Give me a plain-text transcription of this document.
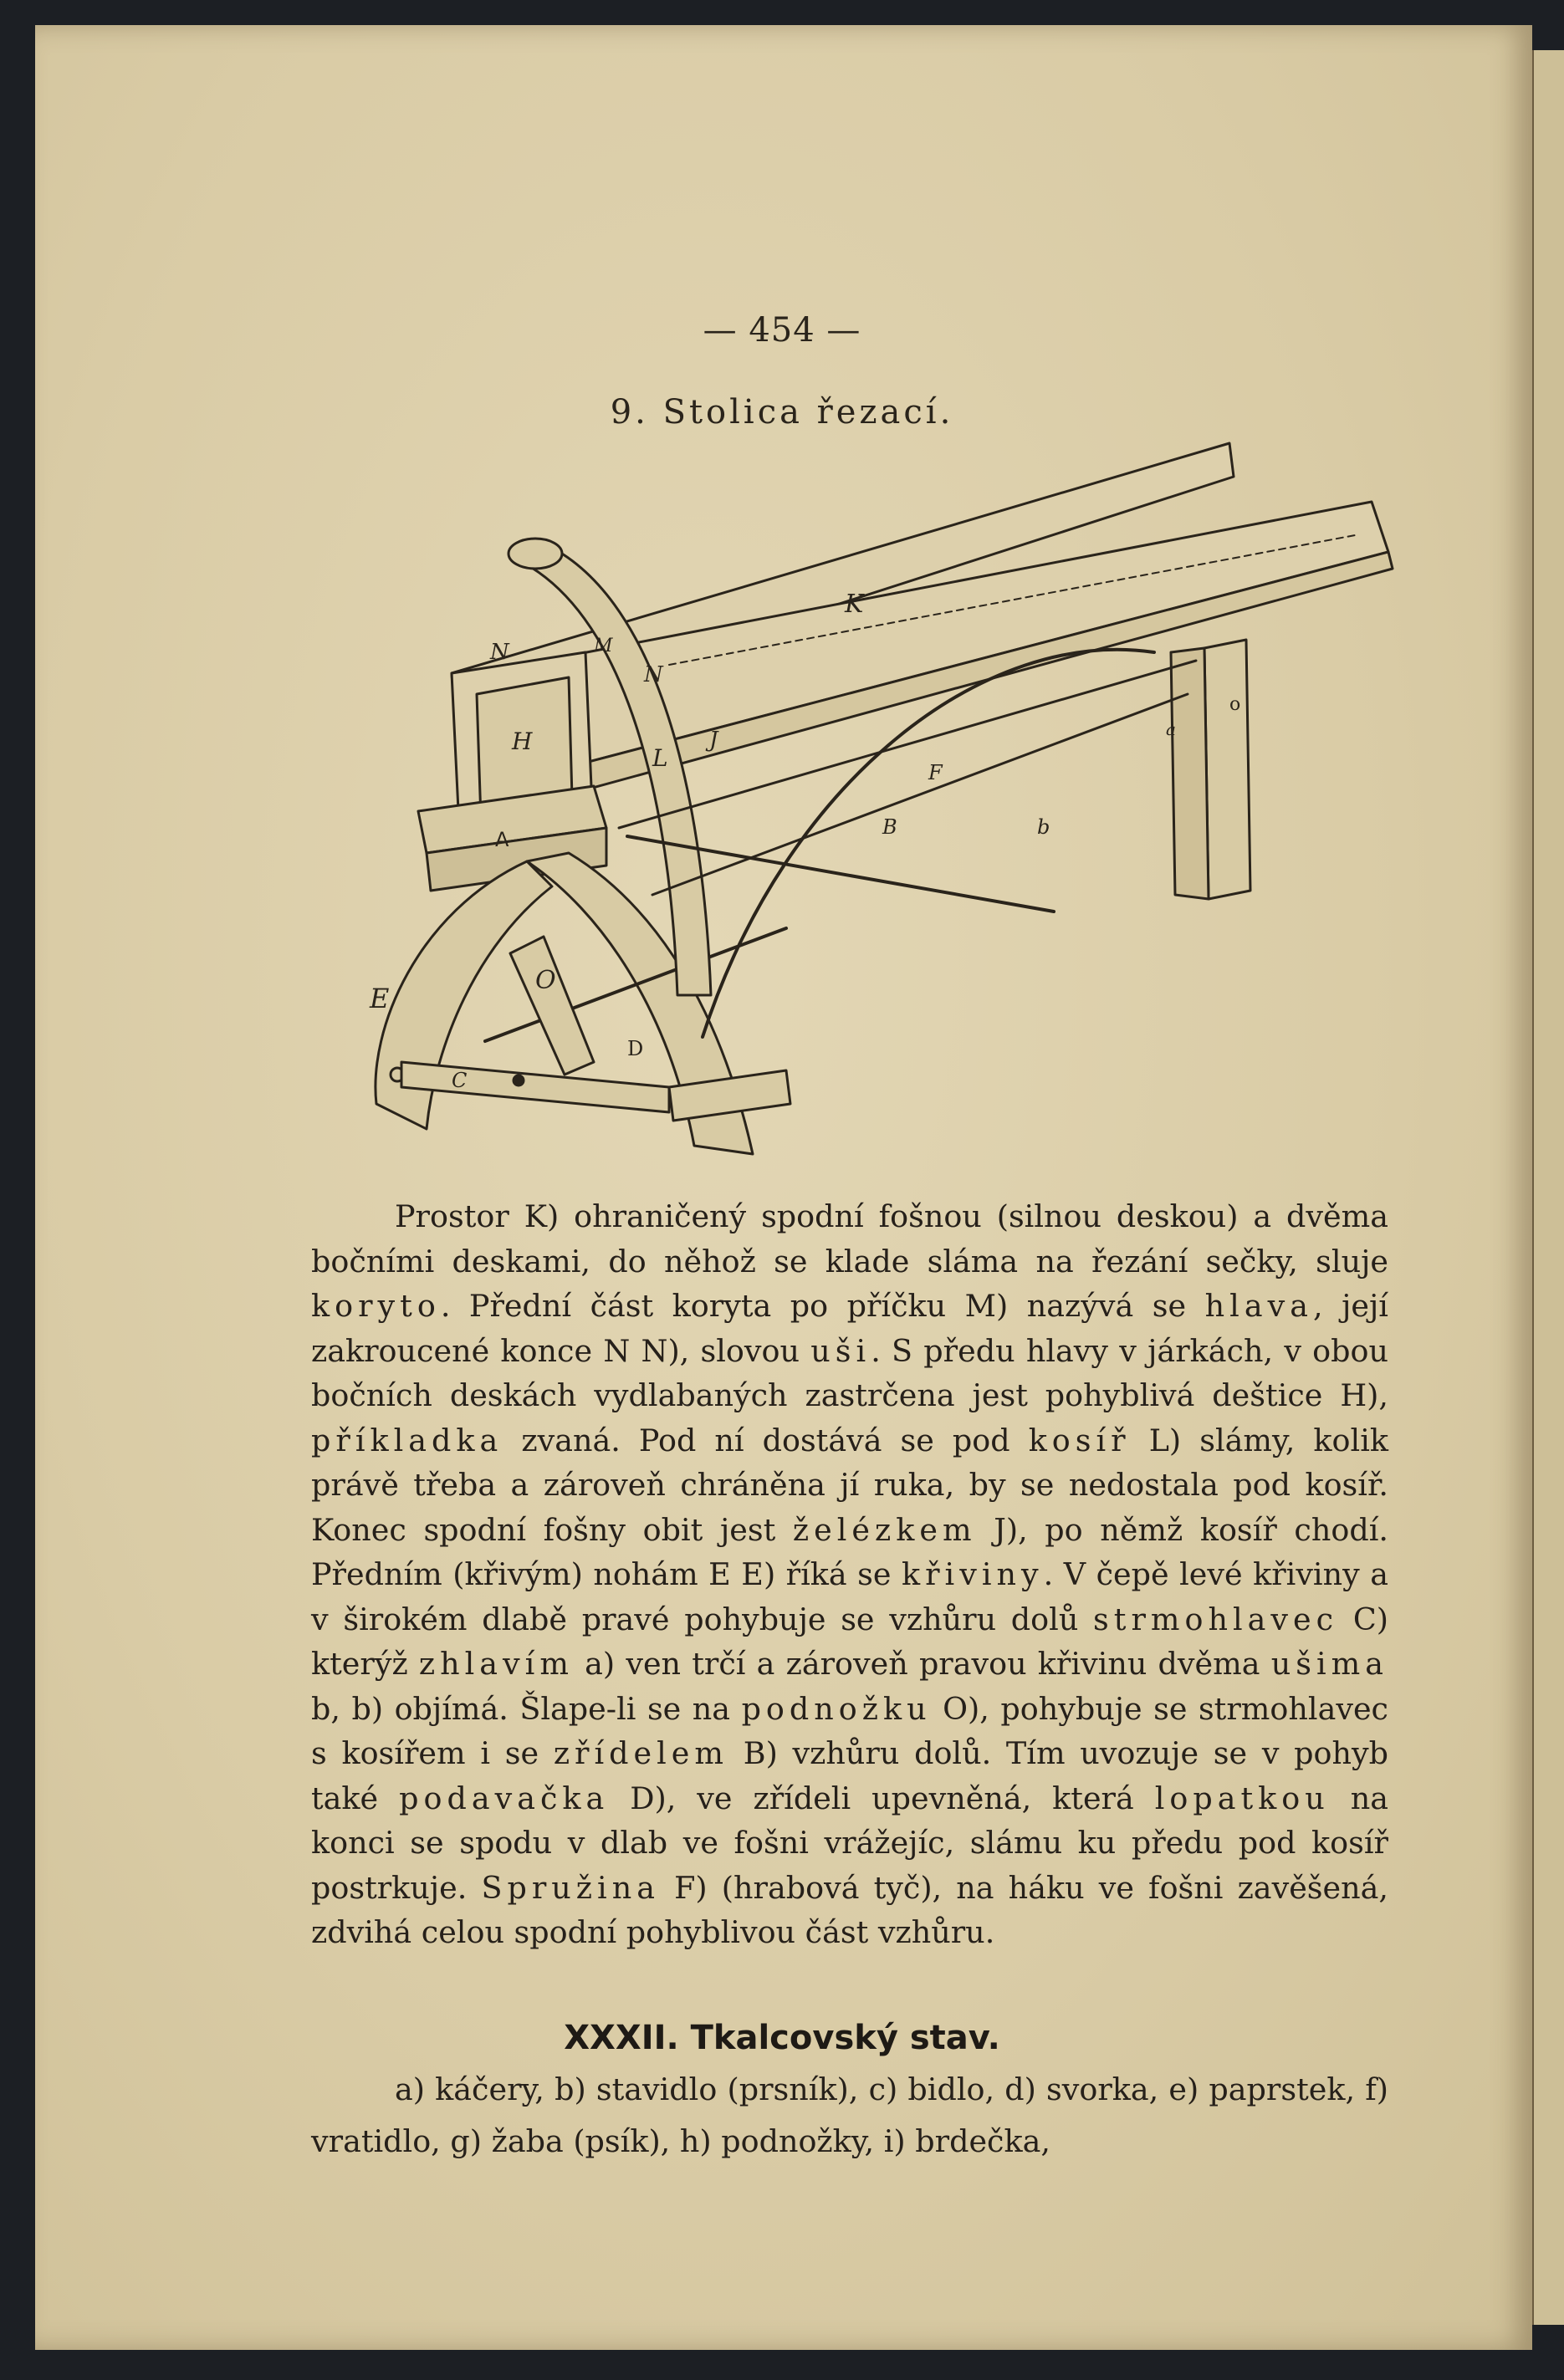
— 454 —
9. Stolica řezací.
K
N
N
H
L
J
A
B	b
F
E
O
C
D
o
a
M

Prostor K) ohraničený spodní fošnou (silnou deskou) a dvěma bočními deskami, do něhož se klade sláma na řezání sečky, sluje koryto. Přední část koryta po příčku M) nazývá se hlava, její zakroucené konce N N), slovou uši. S předu hlavy v járkách, v obou bočních deskách vydlabaných zastrčena jest pohyblivá deštice H), příkladka zvaná. Pod ní dostává se pod kosíř L) slámy, kolik právě třeba a zároveň chráněna jí ruka, by se nedostala pod kosíř. Konec spodní fošny obit jest želézkem J), po němž kosíř chodí. Předním (křivým) nohám E E) říká se křiviny. V čepě levé křiviny a v širokém dlabě pravé pohybuje se vzhůru dolů strmohlavec C) kterýž zhlavím a) ven trčí a zároveň pravou křivinu dvěma ušima b, b) objímá. Šlape-li se na podnožku O), pohybuje se strmohlavec s kosířem i se zřídelem B) vzhůru dolů. Tím uvozuje se v pohyb také podavačka D), ve zřídeli upevněná, která lopatkou na konci se spodu v dlab ve fošni vrážejíc, slámu ku předu pod kosíř postrkuje. Spružina F) (hrabová tyč), na háku ve fošni zavěšená, zdvihá celou spodní pohyblivou část vzhůru.

XXXII. Tkalcovský stav.

a) káčery, b) stavidlo (prsník), c) bidlo, d) svorka, e) paprstek, f) vratidlo, g) žaba (psík), h) podnožky, i) brdečka,
